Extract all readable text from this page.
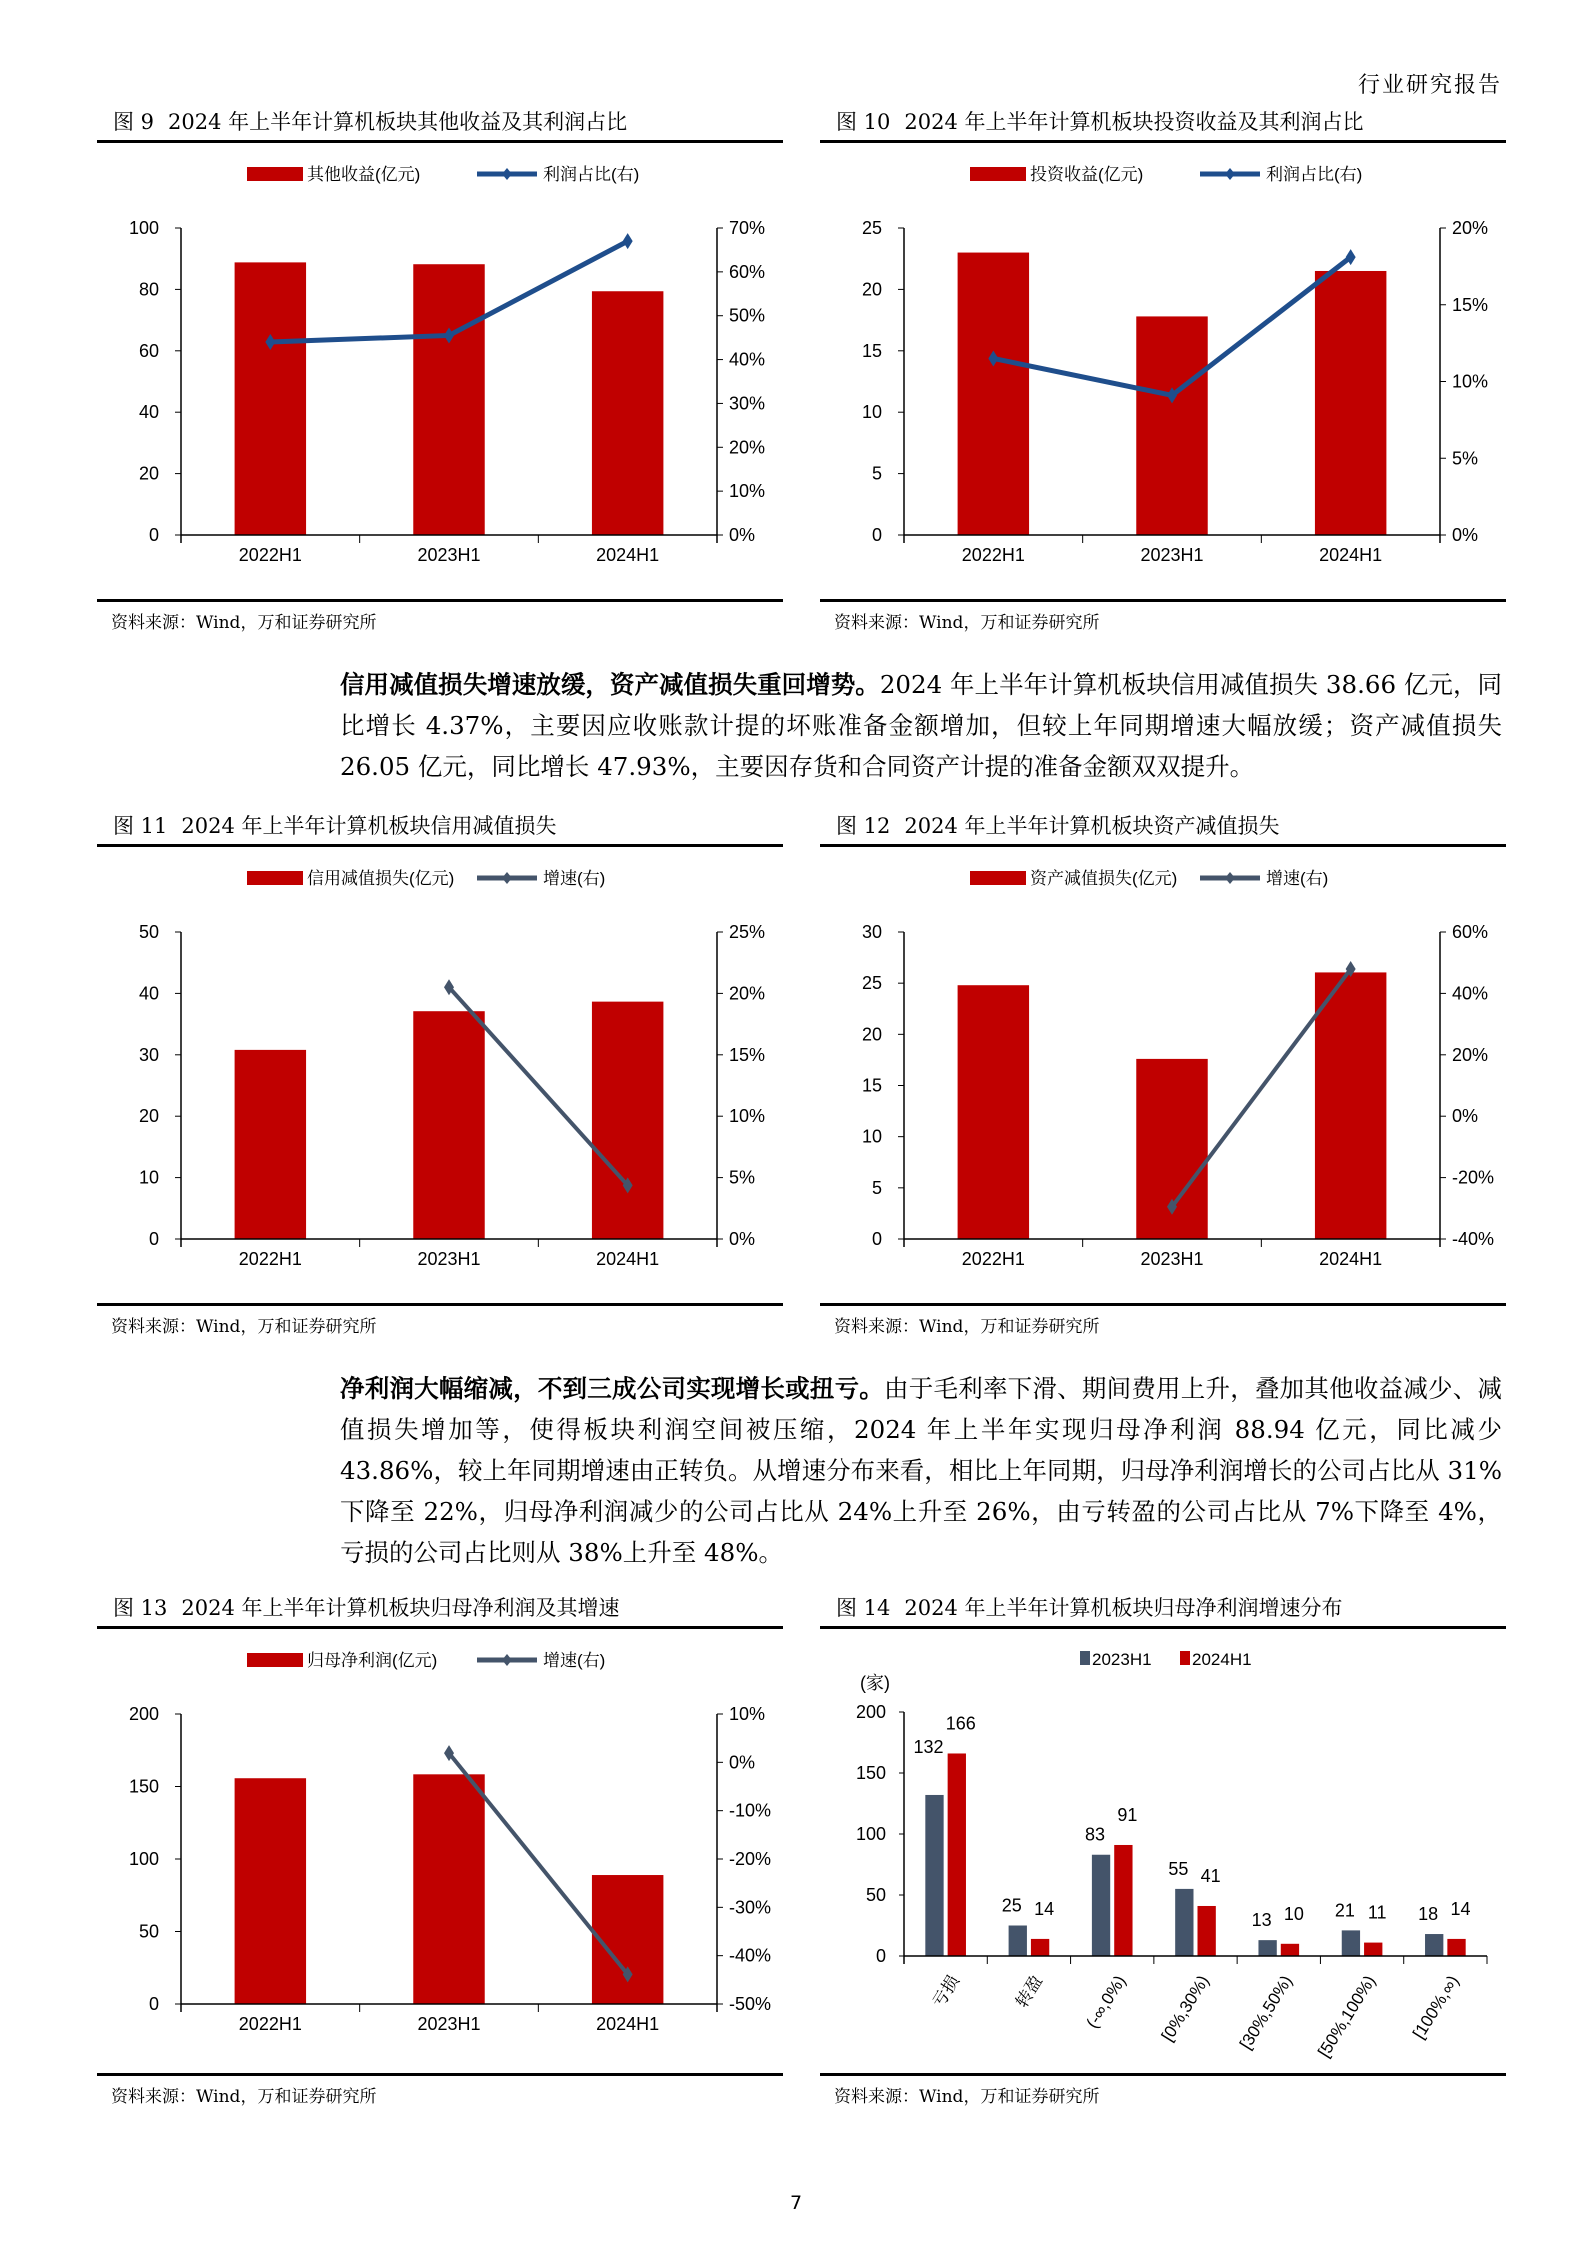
行业研究报告
图 9 2024 年上半年计算机板块其他收益及其利润占比
其他收益(亿元)	利润占比(右)
0
20
40
60
80
100
0%
10%
20%
30%
40%
50%
60%
70%
2022H1	2023H1	2024H1
资料来源：Wind，万和证券研究所
图 10 2024 年上半年计算机板块投资收益及其利润占比
投资收益(亿元)	利润占比(右)
0
5
10
15
20
25
0%
5%
10%
15%
20%
2022H1	2023H1	2024H1
资料来源：Wind，万和证券研究所
信用减值损失增速放缓，资产减值损失重回增势。2024 年上半年计算机板块信用减值损失 38.66 亿元，同比增长 4.37%，主要因应收账款计提的坏账准备金额增加，但较上年同期增速大幅放缓；资产减值损失 26.05 亿元，同比增长 47.93%，主要因存货和合同资产计提的准备金额双双提升。
图 11 2024 年上半年计算机板块信用减值损失
信用减值损失(亿元)	增速(右)
0
10
20
30
40
50
0%
5%
10%
15%
20%
25%
2022H1	2023H1	2024H1
资料来源：Wind，万和证券研究所
图 12 2024 年上半年计算机板块资产减值损失
资产减值损失(亿元)	增速(右)
0
5
10
15
20
25
30
-40%
-20%
0%
20%
40%
60%
2022H1	2023H1	2024H1
资料来源：Wind，万和证券研究所
净利润大幅缩减，不到三成公司实现增长或扭亏。由于毛利率下滑、期间费用上升，叠加其他收益减少、减值损失增加等，使得板块利润空间被压缩，2024 年上半年实现归母净利润 88.94 亿元，同比减少 43.86%，较上年同期增速由正转负。从增速分布来看，相比上年同期，归母净利润增长的公司占比从 31%下降至 22%，归母净利润减少的公司占比从 24%上升至 26%，由亏转盈的公司占比从 7%下降至 4%，亏损的公司占比则从 38%上升至 48%。
图 13 2024 年上半年计算机板块归母净利润及其增速
归母净利润(亿元)	增速(右)
0
50
100
150
200
-50%
-40%
-30%
-20%
-10%
0%
10%
2022H1	2023H1	2024H1
资料来源：Wind，万和证券研究所
图 14 2024 年上半年计算机板块归母净利润增速分布
(家)
2023H1 2024H1
0
50
100
150
200
132
166
亏损
25 14
转盈
83
91
(-∞,0%)
55 41
[0%,30%)
13 10
[30%,50%)
21 11
[50%,100%)
18 14
[100%,∞)
资料来源：Wind，万和证券研究所
7
